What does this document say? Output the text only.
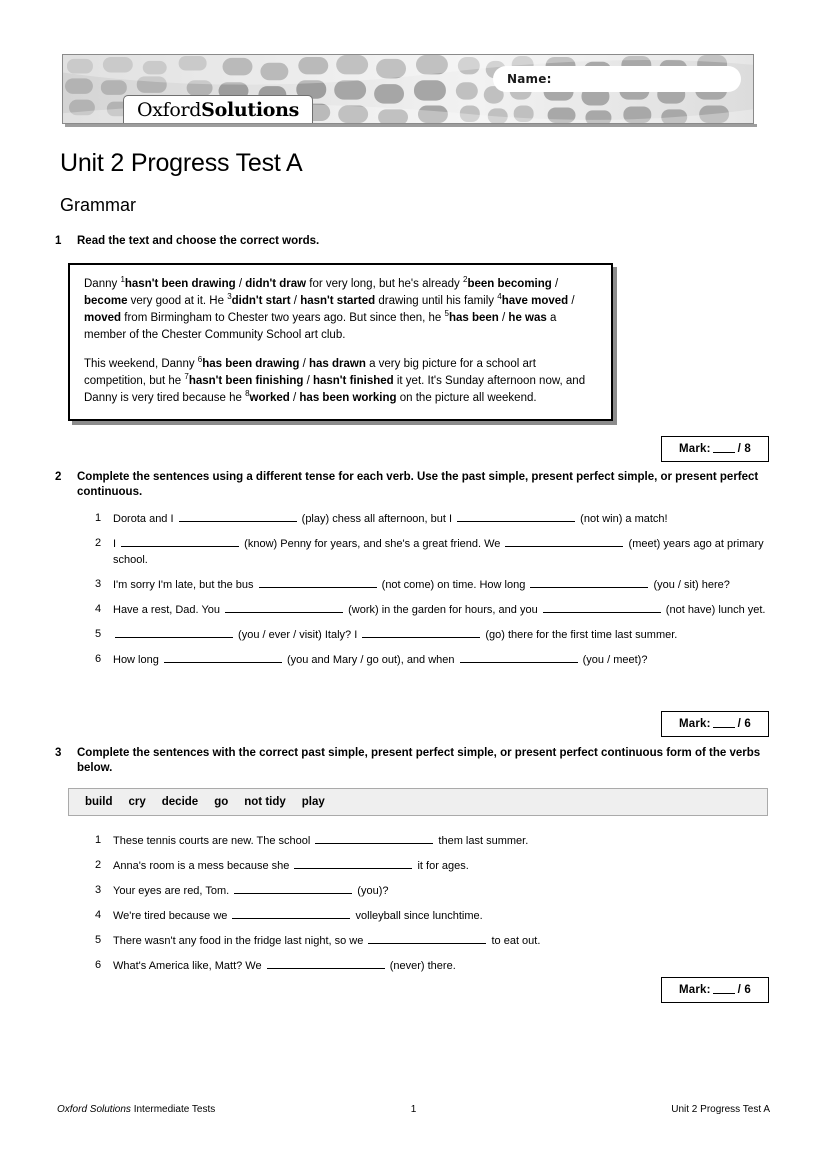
Name:
OxfordSolutions
Unit 2 Progress Test A
Grammar
1	Read the text and choose the correct words.

Danny $^1$hasn't been drawing / didn't draw for very long, but he's already $^2$been becoming / become very good at it. He $^3$didn't start / hasn't started drawing until his family $^4$have moved / moved from Birmingham to Chester two years ago. But since then, he $^5$has been / he was a member of the Chester Community School art club.

This weekend, Danny $^6$has been drawing / has drawn a very big picture for a school art competition, but he $^7$hasn't been finishing / hasn't finished it yet. It's Sunday afternoon now, and Danny is very tired because he $^8$worked / has been working on the picture all weekend.

Mark: / 8
2	Complete the sentences using a different tense for each verb. Use the past simple, present perfect simple, or present perfect continuous.
1	Dorota and I	(play) chess all afternoon, but I	(not win) a match!
2	I	(know) Penny for years, and she's a great friend. We	(meet) years ago at primary school.
3	I'm sorry I'm late, but the bus	(not come) on time. How long	(you / sit) here?
4	Have a rest, Dad. You	(work) in the garden for hours, and you	(not have) lunch yet.
5	(you / ever / visit) Italy? I	(go) there for the first time last summer.
6	How long	(you and Mary / go out), and when	(you / meet)?
Mark: / 6
3	Complete the sentences with the correct past simple, present perfect simple, or present perfect continuous form of the verbs below.
build cry decide go not tidy play
1	These tennis courts are new. The school	them last summer.
2	Anna's room is a mess because she	it for ages.
3	Your eyes are red, Tom.	(you)?
4	We're tired because we	volleyball since lunchtime.
5	There wasn't any food in the fridge last night, so we	to eat out.
6	What's America like, Matt? We	(never) there.
Mark: / 6
Oxford Solutions Intermediate Tests	1	Unit 2 Progress Test A
